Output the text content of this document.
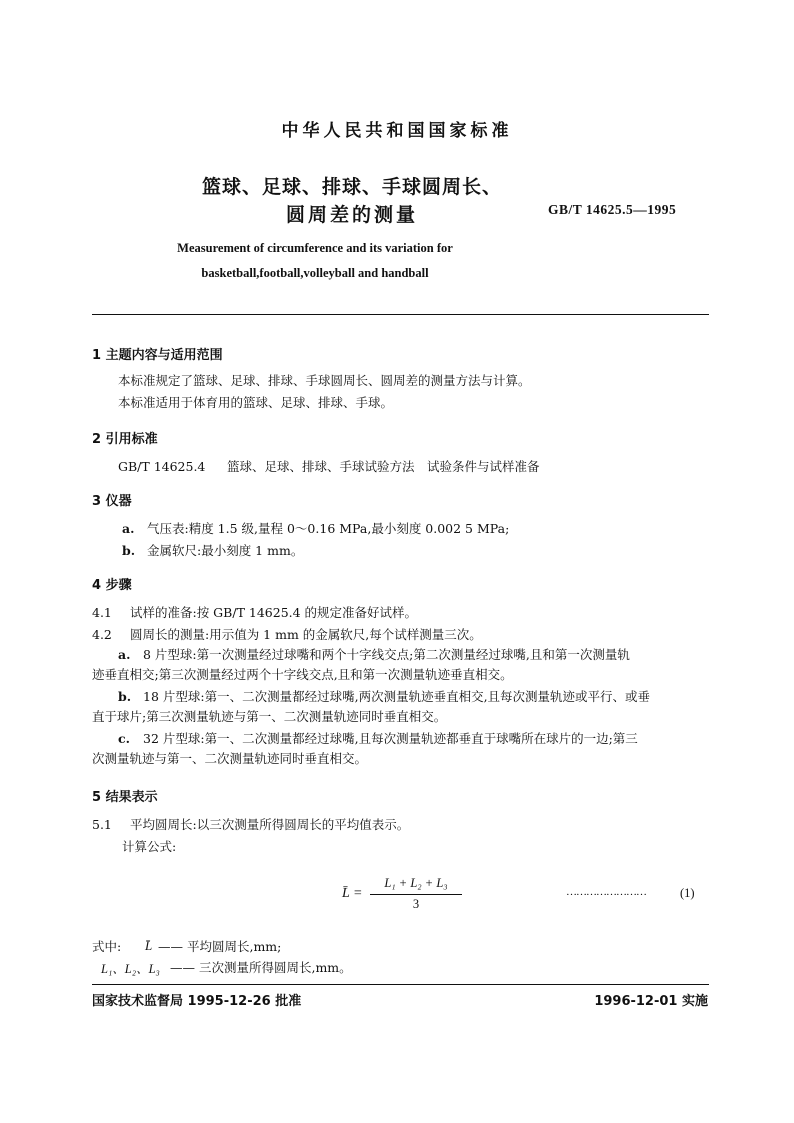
中华人民共和国国家标准
篮球、足球、排球、手球圆周长、
圆周差的测量	GB/T 14625.5—1995
Measurement of circumference and its variation for
basketball,football,volleyball and handball
1 主题内容与适用范围
本标准规定了篮球、足球、排球、手球圆周长、圆周差的测量方法与计算。
本标准适用于体育用的篮球、足球、排球、手球。
2 引用标准
GB/T 14625.4 篮球、足球、排球、手球试验方法　试验条件与试样准备
3 仪器
a. 气压表:精度 1.5 级,量程 0～0.16 MPa,最小刻度 0.002 5 MPa;
b. 金属软尺:最小刻度 1 mm。
4 步骤
4.1 试样的准备:按 GB/T 14625.4 的规定准备好试样。
4.2 圆周长的测量:用示值为 1 mm 的金属软尺,每个试样测量三次。
a. 8 片型球:第一次测量经过球嘴和两个十字线交点;第二次测量经过球嘴,且和第一次测量轨
迹垂直相交;第三次测量经过两个十字线交点,且和第一次测量轨迹垂直相交。
b. 18 片型球:第一、二次测量都经过球嘴,两次测量轨迹垂直相交,且每次测量轨迹或平行、或垂
直于球片;第三次测量轨迹与第一、二次测量轨迹同时垂直相交。
c. 32 片型球:第一、二次测量都经过球嘴,且每次测量轨迹都垂直于球嘴所在球片的一边;第三
次测量轨迹与第一、二次测量轨迹同时垂直相交。
5 结果表示
5.1 平均圆周长:以三次测量所得圆周长的平均值表示。
计算公式:
L̄ =
L₁ + L₂ + L₃
3
……………………	(1)
式中: L̄ —— 平均圆周长,mm;
L₁、L₂、L₃ —— 三次测量所得圆周长,mm。
国家技术监督局 1995-12-26 批准	1996-12-01 实施
